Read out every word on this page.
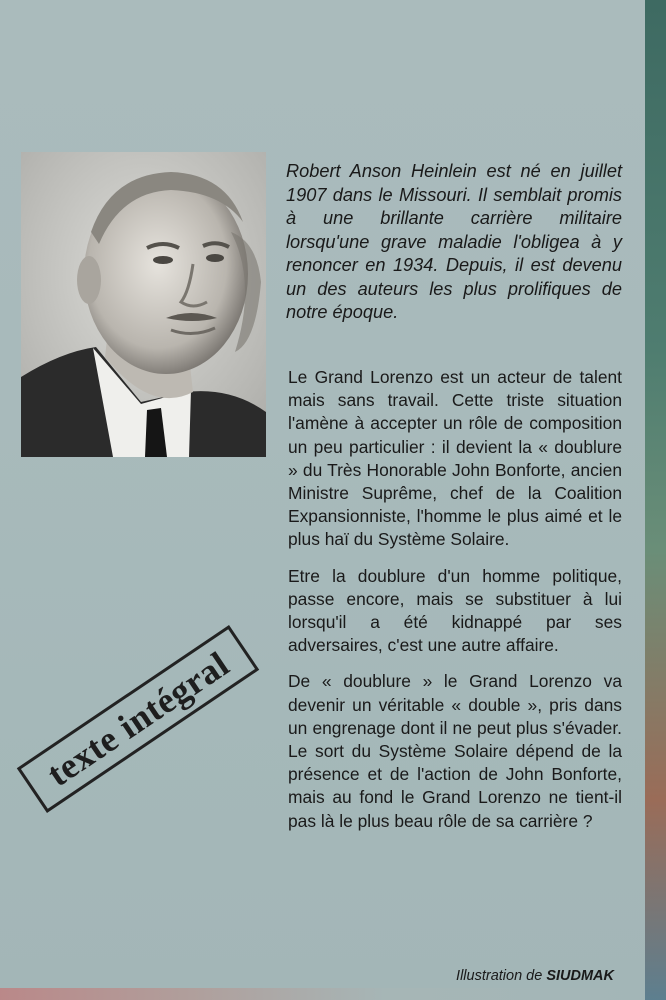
Robert Anson Heinlein est né en juillet 1907 dans le Missouri. Il semblait promis à une brillante carrière militaire lorsqu'une grave maladie l'obligea à y renoncer en 1934. Depuis, il est devenu un des auteurs les plus prolifiques de notre époque.

Le Grand Lorenzo est un acteur de talent mais sans travail. Cette triste situation l'amène à accepter un rôle de composition un peu particulier : il devient la « doublure » du Très Honorable John Bonforte, ancien Ministre Suprême, chef de la Coalition Expansionniste, l'homme le plus aimé et le plus haï du Système Solaire.

Etre la doublure d'un homme politique, passe encore, mais se substituer à lui lorsqu'il a été kidnappé par ses adversaires, c'est une autre affaire.

De « doublure » le Grand Lorenzo va devenir un véritable « double », pris dans un engrenage dont il ne peut plus s'évader. Le sort du Système Solaire dépend de la présence et de l'action de John Bonforte, mais au fond le Grand Lorenzo ne tient-il pas là le plus beau rôle de sa carrière ?

texte intégral
Illustration de SIUDMAK
